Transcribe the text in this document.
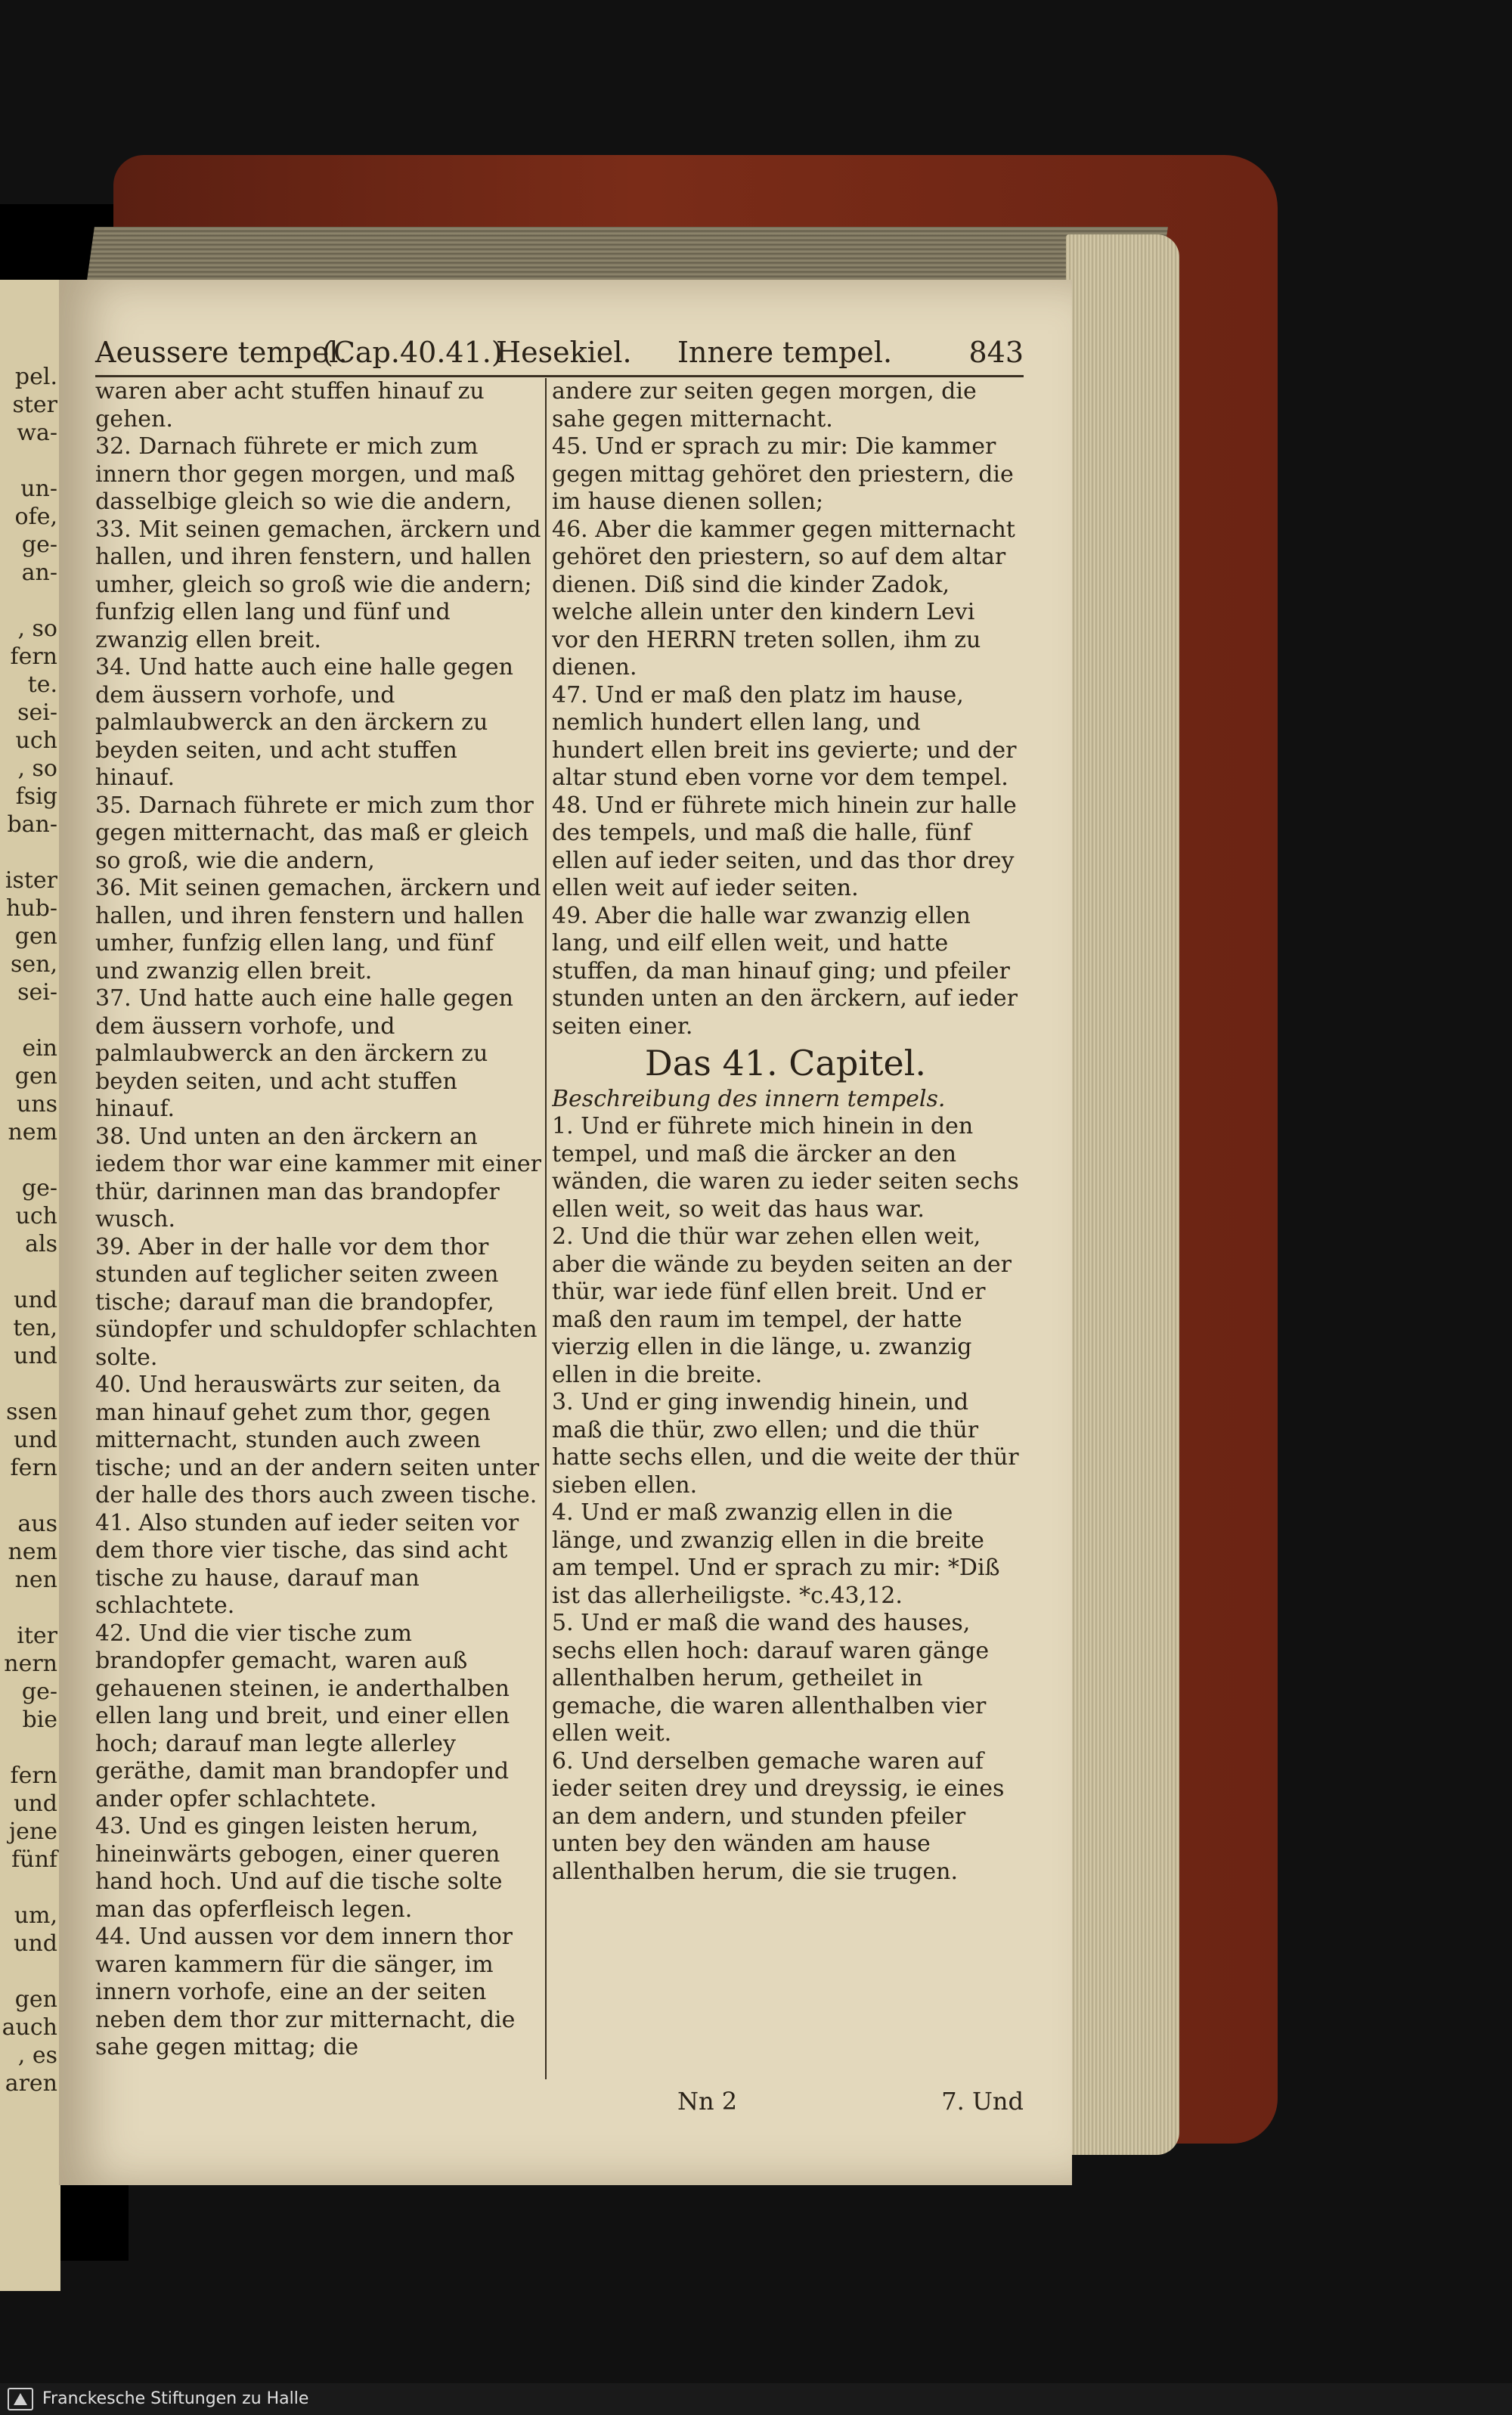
pel.
ster
wa-

un-
ofe,
ge-
an-

, so
fern
te.
sei-
uch
, so
fsig
ban-

ister
hub-
gen
sen,
sei-

ein
gen
uns
nem

ge-
uch
als

und
ten,
und

ssen
und
fern

aus
nem
nen

iter
nern
ge-
bie

fern
und
jene
fünf

um,
und

gen
auch
, es
aren
Aeussere tempel.
(Cap.40.41.)
Hesekiel. Innere tempel.	843

waren aber acht stuffen hinauf zu gehen.

32. Darnach führete er mich zum innern thor gegen morgen, und maß dasselbige gleich so wie die andern,

33. Mit seinen gemachen, ärckern und hallen, und ihren fenstern, und hallen umher, gleich so groß wie die andern; funfzig ellen lang und fünf und zwanzig ellen breit.

34. Und hatte auch eine halle gegen dem äussern vorhofe, und palmlaubwerck an den ärckern zu beyden seiten, und acht stuffen hinauf.

35. Darnach führete er mich zum thor gegen mitternacht, das maß er gleich so groß, wie die andern,

36. Mit seinen gemachen, ärckern und hallen, und ihren fenstern und hallen umher, funfzig ellen lang, und fünf und zwanzig ellen breit.

37. Und hatte auch eine halle gegen dem äussern vorhofe, und palmlaubwerck an den ärckern zu beyden seiten, und acht stuffen hinauf.

38. Und unten an den ärckern an iedem thor war eine kammer mit einer thür, darinnen man das brandopfer wusch.

39. Aber in der halle vor dem thor stunden auf teglicher seiten zween tische; darauf man die brandopfer, sündopfer und schuldopfer schlachten solte.

40. Und herauswärts zur seiten, da man hinauf gehet zum thor, gegen mitternacht, stunden auch zween tische; und an der andern seiten unter der halle des thors auch zween tische.

41. Also stunden auf ieder seiten vor dem thore vier tische, das sind acht tische zu hause, darauf man schlachtete.

42. Und die vier tische zum brandopfer gemacht, waren auß gehauenen steinen, ie anderthalben ellen lang und breit, und einer ellen hoch; darauf man legte allerley geräthe, damit man brandopfer und ander opfer schlachtete.

43. Und es gingen leisten herum, hineinwärts gebogen, einer queren hand hoch. Und auf die tische solte man das opferfleisch legen.

44. Und aussen vor dem innern thor waren kammern für die sänger, im innern vorhofe, eine an der seiten neben dem thor zur mitternacht, die sahe gegen mittag; die

andere zur seiten gegen morgen, die sahe gegen mitternacht.

45. Und er sprach zu mir: Die kammer gegen mittag gehöret den priestern, die im hause dienen sollen;

46. Aber die kammer gegen mitternacht gehöret den priestern, so auf dem altar dienen. Diß sind die kinder Zadok, welche allein unter den kindern Levi vor den HERRN treten sollen, ihm zu dienen.

47. Und er maß den platz im hause, nemlich hundert ellen lang, und hundert ellen breit ins gevierte; und der altar stund eben vorne vor dem tempel.

48. Und er führete mich hinein zur halle des tempels, und maß die halle, fünf ellen auf ieder seiten, und das thor drey ellen weit auf ieder seiten.

49. Aber die halle war zwanzig ellen lang, und eilf ellen weit, und hatte stuffen, da man hinauf ging; und pfeiler stunden unten an den ärckern, auf ieder seiten einer.

Das 41. Capitel.

Beschreibung des innern tempels.

1. Und er führete mich hinein in den tempel, und maß die ärcker an den wänden, die waren zu ieder seiten sechs ellen weit, so weit das haus war.

2. Und die thür war zehen ellen weit, aber die wände zu beyden seiten an der thür, war iede fünf ellen breit. Und er maß den raum im tempel, der hatte vierzig ellen in die länge, u. zwanzig ellen in die breite.

3. Und er ging inwendig hinein, und maß die thür, zwo ellen; und die thür hatte sechs ellen, und die weite der thür sieben ellen.

4. Und er maß zwanzig ellen in die länge, und zwanzig ellen in die breite am tempel. Und er sprach zu mir: *Diß ist das allerheiligste. *c.43,12.

5. Und er maß die wand des hauses, sechs ellen hoch: darauf waren gänge allenthalben herum, getheilet in gemache, die waren allenthalben vier ellen weit.

6. Und derselben gemache waren auf ieder seiten drey und dreyssig, ie eines an dem andern, und stunden pfeiler unten bey den wänden am hause allenthalben herum, die sie trugen.

Nn 2	7. Und
Franckesche Stiftungen zu Halle
